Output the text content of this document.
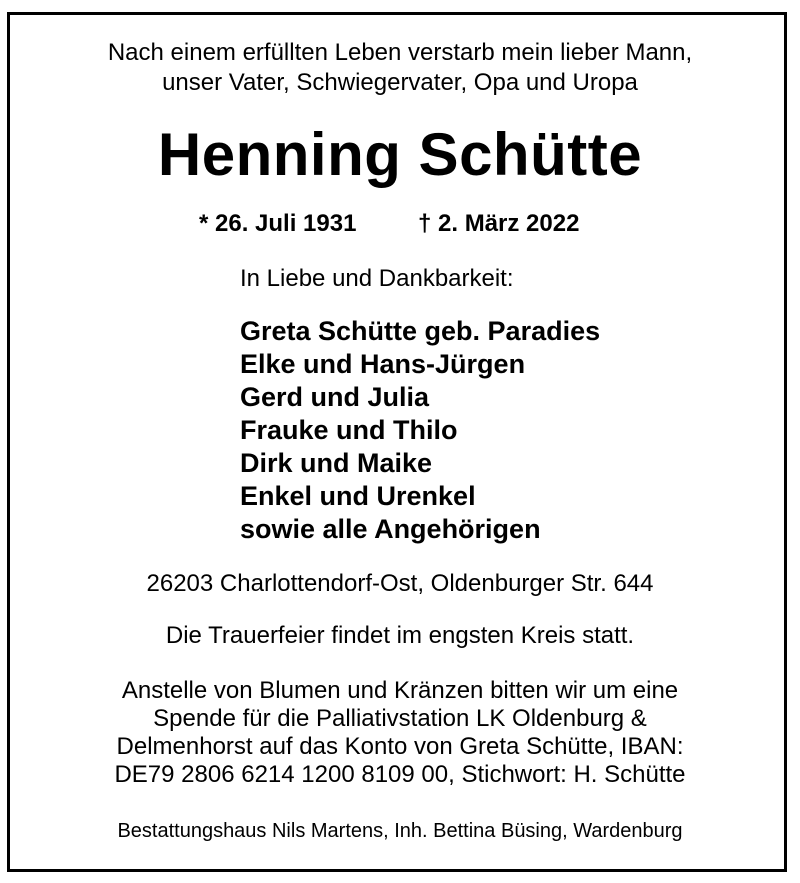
Nach einem erfüllten Leben verstarb mein lieber Mann,
unser Vater, Schwiegervater, Opa und Uropa
Henning Schütte
* 26. Juli 1931	† 2. März 2022
In Liebe und Dankbarkeit:
Greta Schütte geb. Paradies
Elke und Hans-Jürgen
Gerd und Julia
Frauke und Thilo
Dirk und Maike
Enkel und Urenkel
sowie alle Angehörigen
26203 Charlottendorf-Ost, Oldenburger Str. 644
Die Trauerfeier findet im engsten Kreis statt.
Anstelle von Blumen und Kränzen bitten wir um eine
Spende für die Palliativstation LK Oldenburg &
Delmenhorst auf das Konto von Greta Schütte, IBAN:
DE79 2806 6214 1200 8109 00, Stichwort: H. Schütte
Bestattungshaus Nils Martens, Inh. Bettina Büsing, Wardenburg
